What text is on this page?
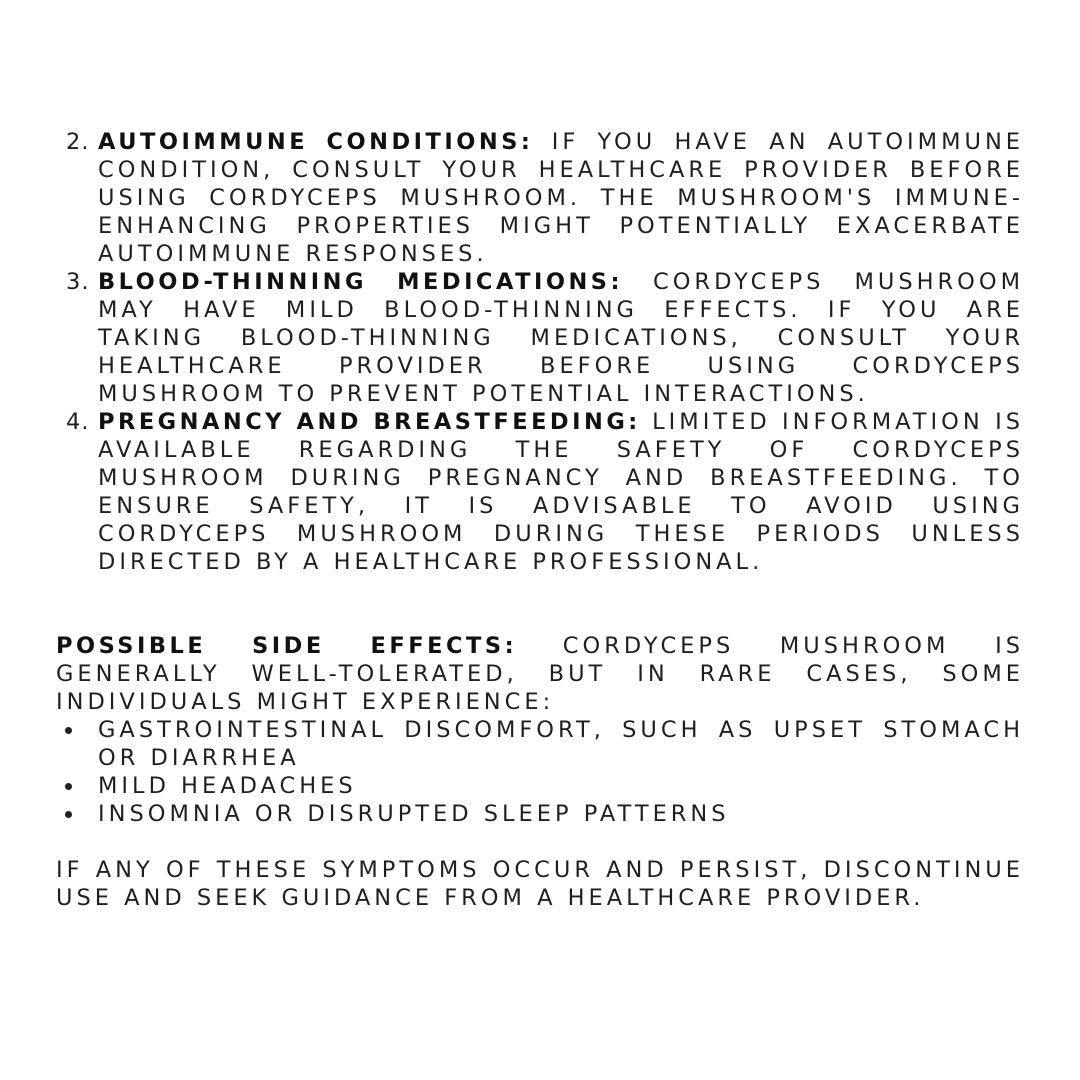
2. AUTOIMMUNE CONDITIONS: IF YOU HAVE AN AUTOIMMUNE CONDITION, CONSULT YOUR HEALTHCARE PROVIDER BEFORE USING CORDYCEPS MUSHROOM. THE MUSHROOM'S IMMUNE-ENHANCING PROPERTIES MIGHT POTENTIALLY EXACERBATE AUTOIMMUNE RESPONSES.
3. BLOOD-THINNING MEDICATIONS: CORDYCEPS MUSHROOM MAY HAVE MILD BLOOD-THINNING EFFECTS. IF YOU ARE TAKING BLOOD-THINNING MEDICATIONS, CONSULT YOUR HEALTHCARE PROVIDER BEFORE USING CORDYCEPS MUSHROOM TO PREVENT POTENTIAL INTERACTIONS.
4. PREGNANCY AND BREASTFEEDING: LIMITED INFORMATION IS AVAILABLE REGARDING THE SAFETY OF CORDYCEPS MUSHROOM DURING PREGNANCY AND BREASTFEEDING. TO ENSURE SAFETY, IT IS ADVISABLE TO AVOID USING CORDYCEPS MUSHROOM DURING THESE PERIODS UNLESS DIRECTED BY A HEALTHCARE PROFESSIONAL.
POSSIBLE SIDE EFFECTS: CORDYCEPS MUSHROOM IS GENERALLY WELL-TOLERATED, BUT IN RARE CASES, SOME INDIVIDUALS MIGHT EXPERIENCE:
GASTROINTESTINAL DISCOMFORT, SUCH AS UPSET STOMACH OR DIARRHEA
MILD HEADACHES
INSOMNIA OR DISRUPTED SLEEP PATTERNS
IF ANY OF THESE SYMPTOMS OCCUR AND PERSIST, DISCONTINUE USE AND SEEK GUIDANCE FROM A HEALTHCARE PROVIDER.
